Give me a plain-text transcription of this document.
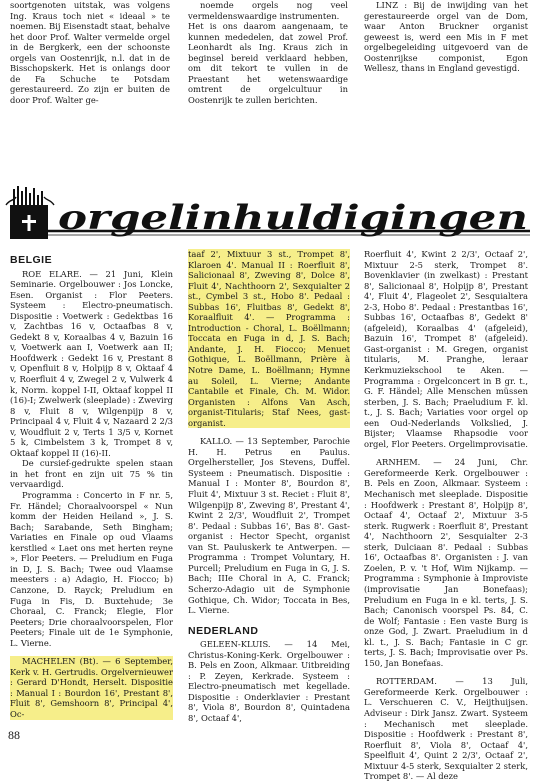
soortgenoten uitstak, was volgens Ing. Kraus toch niet « ideaal » te noemen. Bij Eisenstadt staat, behalve het door Prof. Walter vermelde orgel in de Bergkerk, een der schoonste orgels van Oostenrijk, n.l. dat in de Bisschopskerk. Het is onlangs door de Fa Schuche te Potsdam gerestaureerd. Zo zijn er buiten de door Prof. Walter ge-

noemde orgels nog veel vermeldenswaardige instrumenten.
Het is ons daarom aangenaam, te kunnen mededelen, dat zowel Prof. Leonhardt als Ing. Kraus zich in beginsel bereid verklaard hebben, om dit tekort te vullen in de Praestant het wetenswaardige omtrent de orgelcultuur in Oostenrijk te zullen berichten.

LINZ : Bij de inwijding van het gerestaureerde orgel van de Dom, waar Anton Bruckner organist geweest is, werd een Mis in F met orgelbegeleiding uitgevoerd van de Oostenrijkse componist, Egon Wellesz, thans in England gevestigd.

orgelinhuldigingen
BELGIE

ROE ELARE. — 21 Juni, Klein Seminarie. Orgelbouwer : Jos Loncke, Esen. Organist : Flor Peeters. Systeem : Electro-pneumatisch. Dispositie : Voetwerk : Gedektbas 16 v, Zachtbas 16 v, Octaafbas 8 v, Gedekt 8 v, Koraalbas 4 v, Bazuin 16 v, Voetwerk aan I, Voetwerk aan II; Hoofdwerk : Gedekt 16 v, Prestant 8 v, Openfluit 8 v, Holpijp 8 v, Oktaaf 4 v, Roerfluit 4 v, Zwegel 2 v, Vulwerk 4 k, Norm. koppel I-II, Oktaaf koppel II (16)-I; Zwelwerk (sleeplade) : Zwevirg 8 v, Fluit 8 v, Wilgenpijp 8 v, Principaal 4 v, Fluit 4 v, Nazaard 2 2/3 v, Woudfluit 2 v, Terts 1 3/5 v, Kornet 5 k, Cimbelstem 3 k, Trompet 8 v, Oktaaf koppel II (16)-II.

De cursief-gedrukte spelen staan in het front en zijn uit 75 % tin vervaardigd.

Programma : Concerto in F nr. 5, Fr. Händel; Choraalvoorspel « Nun komm der Heiden Heiland », J. S. Bach; Sarabande, Seth Bingham; Variaties en Finale op oud Vlaams kerstlied « Laet ons met herten reyne », Flor Peeters. — Preludium en Fuga in D, J. S. Bach; Twee oud Vlaamse meesters : a) Adagio, H. Fiocco; b) Canzone, D. Rayck; Preludium en Fuga in Fis, D. Buxtehude; 3e Choraal, C. Franck; Elegie, Flor Peeters; Drie choraalvoorspelen, Flor Peeters; Finale uit de 1e Symphonie, L. Vierne.

MACHELEN (Bt). — 6 September, Kerk v. H. Gertrudis. Orgelvernieuwer : Gerard D'Hondt, Herselt. Dispositie : Manual I : Bourdon 16', Prestant 8', Fluit 8', Gemshoorn 8', Principal 4', Oc-

taaf 2', Mixtuur 3 st., Trompet 8', Klaroen 4'. Manual II : Roerfluit 8', Salicionaal 8', Zweving 8', Dolce 8', Fluit 4', Nachthoorn 2', Sexquialter 2 st., Cymbel 3 st., Hobo 8'. Pedaal : Subbas 16', Fluitbas 8', Gedekt 8', Koraalfluit 4'. — Programma : Introduction - Choral, L. Boëllmann; Toccata en Fuga in d, J. S. Bach; Andante, J. H. Fiocco; Menuet Gothique, L. Boëllmann, Prière à Notre Dame, L. Boëllmann; Hymne au Soleil, L. Vierne; Andante Cantabile et Finale, Ch. M. Widor. Organisten : Alfons Van Asch, organist-Titularis; Staf Nees, gast-organist.

KALLO. — 13 September, Parochie H. H. Petrus en Paulus. Orgelhersteller, Jos Stevens, Duffel. Systeem : Pneumatisch. Dispositie : Manual I : Monter 8', Bourdon 8', Fluit 4', Mixtuur 3 st. Reciet : Fluit 8', Wilgenpijp 8', Zweving 8', Prestant 4', Kwint 2 2/3', Woudfluit 2', Trompet 8'. Pedaal : Subbas 16', Bas 8'. Gast-organist : Hector Specht, organist van St. Pauluskerk te Antwerpen. — Programma : Trompet Voluntary, H. Purcell; Preludium en Fuga in G, J. S. Bach; IIIe Choral in A, C. Franck; Scherzo-Adagio uit de Symphonie Gothique, Ch. Widor; Toccata in Bes, L. Vierne.

NEDERLAND

GELEEN-KLUIS. — 14 Mei, Christus-Koning-Kerk. Orgelbouwer : B. Pels en Zoon, Alkmaar. Uitbreiding : P. Zeyen, Kerkrade. Systeem : Electro-pneumatisch met kegellade. Dispositie : Onderklavier : Prestant 8', Viola 8', Bourdon 8', Quintadena 8', Octaaf 4',

Roerfluit 4', Kwint 2 2/3', Octaaf 2', Mixtuur 2-5 sterk, Trompet 8'. Bovenklavier (in zwelkast) : Prestant 8', Salicionaal 8', Holpijp 8', Prestant 4', Fluit 4', Flageolet 2', Sesquialtera 2-3, Hobo 8'. Pedaal : Prestantbas 16', Subbas 16', Octaafbas 8', Gedekt 8' (afgeleid), Koraalbas 4' (afgeleid), Bazuin 16', Trompet 8' (afgeleid). Gast-organist : M. Gregen, organist titularis, M. Pranghe, leraar Kerkmuziekschool te Aken. — Programma : Orgelconcert in B gr. t., G. F. Händel; Alle Menschen müssen sterben, J. S. Bach; Praeludium F. kl. t., J. S. Bach; Variaties voor orgel op een Oud-Nederlands Volkslied, J. Bijster; Vlaamse Rhapsodie voor orgel, Flor Peeters. Orgelimprovisatie.

ARNHEM. — 24 Juni, Chr. Gereformeerde Kerk. Orgelbouwer : B. Pels en Zoon, Alkmaar. Systeem : Mechanisch met sleeplade. Dispositie : Hoofdwerk : Prestant 8', Holpijp 8', Octaaf 4', Octaaf 2', Mixtuur 3-5 sterk. Rugwerk : Roerfluit 8', Prestant 4', Nachthoorn 2', Sesquialter 2-3 sterk, Dulciaan 8'. Pedaal : Subbas 16', Octaafbas 8'. Organisten : J. van Zoelen, P. v. 't Hof, Wim Nijkamp. — Programma : Symphonie à Improviste (improvisatie Jan Bonefaas); Preludium en Fuga in e kl. terts, J. S. Bach; Canonisch voorspel Ps. 84, C. de Wolf; Fantasie : Een vaste Burg is onze God, J. Zwart. Praeludium in d kl. t., J. S. Bach; Fantasie in C gr. terts, J. S. Bach; Improvisatie over Ps. 150, Jan Bonefaas.

ROTTERDAM. — 13 Juli, Gereformeerde Kerk. Orgelbouwer : L. Verschueren C. V., Heijthuijsen. Adviseur : Dirk Jansz. Zwart. Systeem : Mechanisch met sleeplade. Dispositie : Hoofdwerk : Prestant 8', Roerfluit 8', Viola 8', Octaaf 4', Speelfluit 4', Quint 2 2/3', Octaaf 2', Mixtuur 4-5 sterk, Sexquialter 2 sterk, Trompet 8'. — Al deze

88
